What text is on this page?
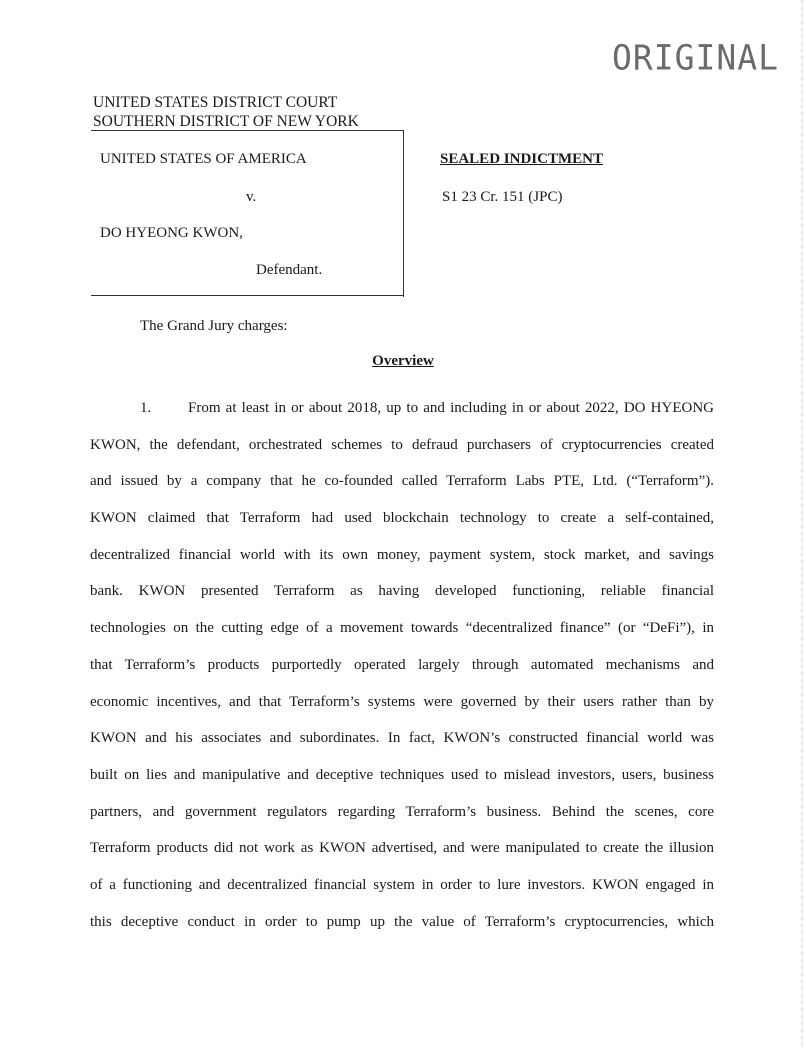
ORIGINAL
UNITED STATES DISTRICT COURT
SOUTHERN DISTRICT OF NEW YORK
UNITED STATES OF AMERICA
v.
DO HYEONG KWON,
Defendant.
SEALED INDICTMENT
S1 23 Cr. 151 (JPC)
The Grand Jury charges:
Overview
1. From at least in or about 2018, up to and including in or about 2022, DO HYEONG
KWON, the defendant, orchestrated schemes to defraud purchasers of cryptocurrencies created
and issued by a company that he co-founded called Terraform Labs PTE, Ltd. (“Terraform”).
KWON claimed that Terraform had used blockchain technology to create a self-contained,
decentralized financial world with its own money, payment system, stock market, and savings
bank. KWON presented Terraform as having developed functioning, reliable financial
technologies on the cutting edge of a movement towards “decentralized finance” (or “DeFi”), in
that Terraform’s products purportedly operated largely through automated mechanisms and
economic incentives, and that Terraform’s systems were governed by their users rather than by
KWON and his associates and subordinates. In fact, KWON’s constructed financial world was
built on lies and manipulative and deceptive techniques used to mislead investors, users, business
partners, and government regulators regarding Terraform’s business. Behind the scenes, core
Terraform products did not work as KWON advertised, and were manipulated to create the illusion
of a functioning and decentralized financial system in order to lure investors. KWON engaged in
this deceptive conduct in order to pump up the value of Terraform’s cryptocurrencies, which
